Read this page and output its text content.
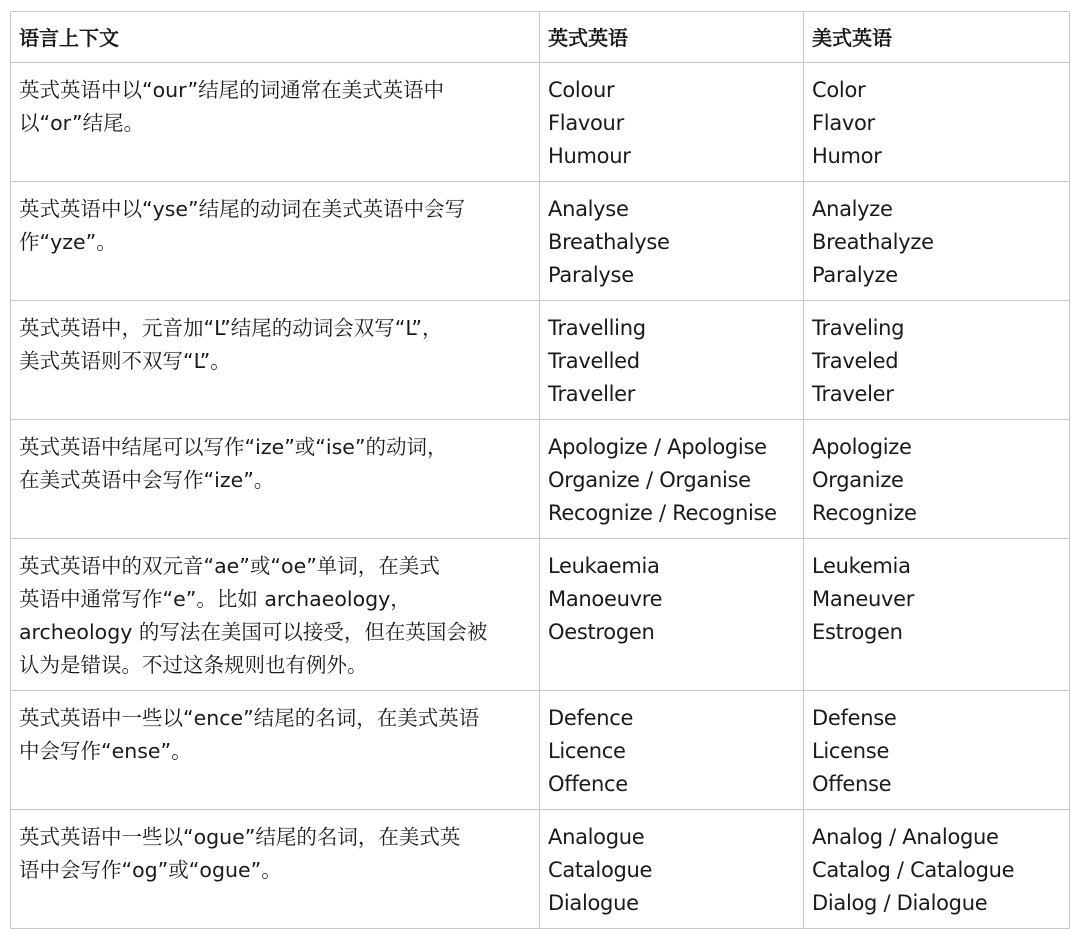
语言上下文	英式英语	美式英语

英式英语中以“our”结尾的词通常在美式英语中
以“or”结尾。	Colour
Flavour
Humour	Color
Flavor
Humor

英式英语中以“yse”结尾的动词在美式英语中会写
作“yze”。	Analyse
Breathalyse
Paralyse	Analyze
Breathalyze
Paralyze

英式英语中，元音加“L”结尾的动词会双写“L”，
美式英语则不双写“L”。	Travelling
Travelled
Traveller	Traveling
Traveled
Traveler

英式英语中结尾可以写作“ize”或“ise”的动词，
在美式英语中会写作“ize”。	Apologize / Apologise
Organize / Organise
Recognize / Recognise	Apologize
Organize
Recognize

英式英语中的双元音“ae”或“oe”单词，在美式
英语中通常写作“e”。比如 archaeology，
archeology 的写法在美国可以接受，但在英国会被
认为是错误。不过这条规则也有例外。	Leukaemia
Manoeuvre
Oestrogen	Leukemia
Maneuver
Estrogen

英式英语中一些以“ence”结尾的名词，在美式英语
中会写作“ense”。	Defence
Licence
Offence	Defense
License
Offense

英式英语中一些以“ogue”结尾的名词，在美式英
语中会写作“og”或“ogue”。	Analogue
Catalogue
Dialogue	Analog / Analogue
Catalog / Catalogue
Dialog / Dialogue
